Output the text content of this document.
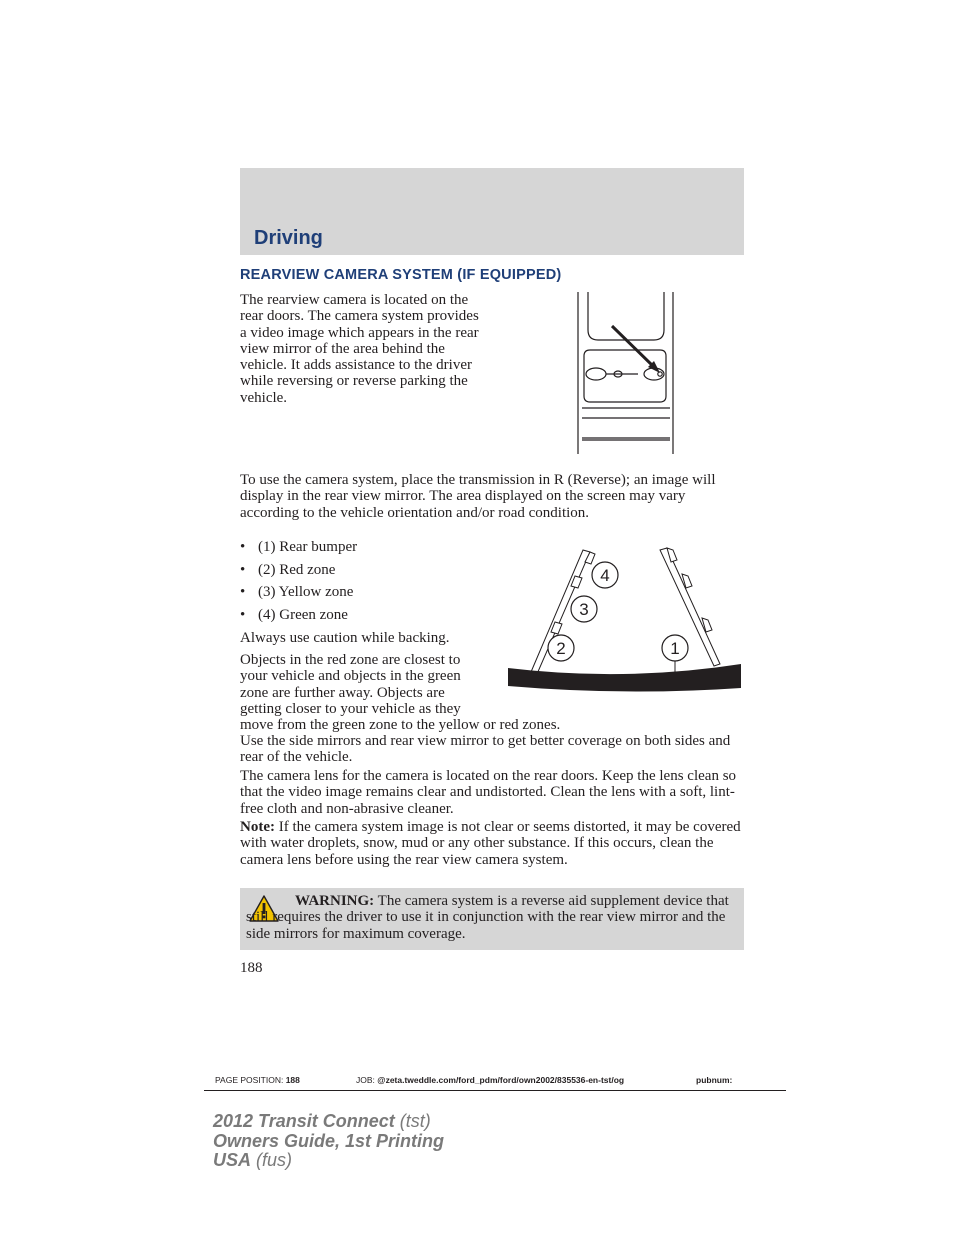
Driving
REARVIEW CAMERA SYSTEM (IF EQUIPPED)

The rearview camera is located on the rear doors. The camera system provides a video image which appears in the rear view mirror of the area behind the vehicle. It adds assistance to the driver while reversing or reverse parking the vehicle.

To use the camera system, place the transmission in R (Reverse); an image will display in the rear view mirror. The area displayed on the screen may vary according to the vehicle orientation and/or road condition.

• (1) Rear bumper
• (2) Red zone
• (3) Yellow zone
• (4) Green zone
4
3
2	1

Always use caution while backing.

Objects in the red zone are closest to your vehicle and objects in the green zone are further away. Objects are getting closer to your vehicle as they move from the green zone to the yellow or red zones.

Use the side mirrors and rear view mirror to get better coverage on both sides and rear of the vehicle.

The camera lens for the camera is located on the rear doors. Keep the lens clean so that the video image remains clear and undistorted. Clean the lens with a soft, lint-free cloth and non-abrasive cleaner.

Note: If the camera system image is not clear or seems distorted, it may be covered with water droplets, snow, mud or any other substance. If this occurs, clean the camera lens before using the rear view camera system.

WARNING: The camera system is a reverse aid supplement device that still requires the driver to use it in conjunction with the rear view mirror and the side mirrors for maximum coverage.
188
PAGE POSITION: 188	JOB: @zeta.tweddle.com/ford_pdm/ford/own2002/835536-en-tst/og	pubnum:
2012 Transit Connect (tst)
Owners Guide, 1st Printing
USA (fus)
